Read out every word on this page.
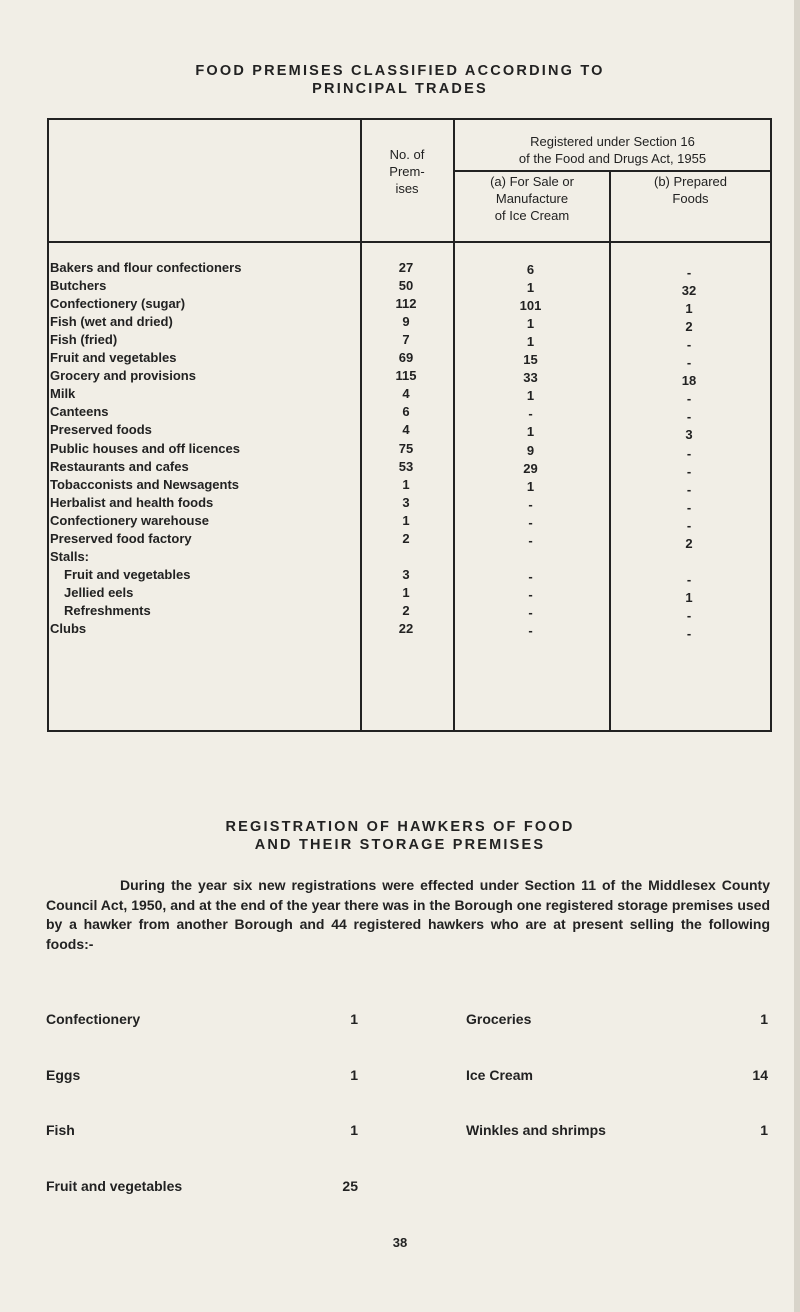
FOOD PREMISES CLASSIFIED ACCORDING TO
PRINCIPAL TRADES
No. of
Prem-
ises
Registered under Section 16
of the Food and Drugs Act, 1955
(a) For Sale or
Manufacture
of Ice Cream
(b) Prepared
Foods
Bakers and flour confectioners	27	6	-
Butchers	50	1	32
Confectionery (sugar)	112	101	1
Fish (wet and dried)	9	1	2
Fish (fried)	7	1	-
Fruit and vegetables	69	15	-
Grocery and provisions	115	33	18
Milk	4	1	-
Canteens	6	-	-
Preserved foods	4	1	3
Public houses and off licences	75	9	-
Restaurants and cafes	53	29	-
Tobacconists and Newsagents	1	1	-
Herbalist and health foods	3	-	-
Confectionery warehouse	1	-	-
Preserved food factory	2	-	2
Stalls:
Fruit and vegetables	3	-	-
Jellied eels	1	-	1
Refreshments	2	-	-
Clubs	22	-	-
REGISTRATION OF HAWKERS OF FOOD
AND THEIR STORAGE PREMISES
During the year six new registrations were effected under Section 11 of the Middlesex County Council Act, 1950, and at the end of the year there was in the Borough one registered storage premises used by a hawker from another Borough and 44 registered hawkers who are at present selling the following foods:-
Confectionery	1	Groceries	1
Eggs	1	Ice Cream	14
Fish	1	Winkles and shrimps	1
Fruit and vegetables	25
38
